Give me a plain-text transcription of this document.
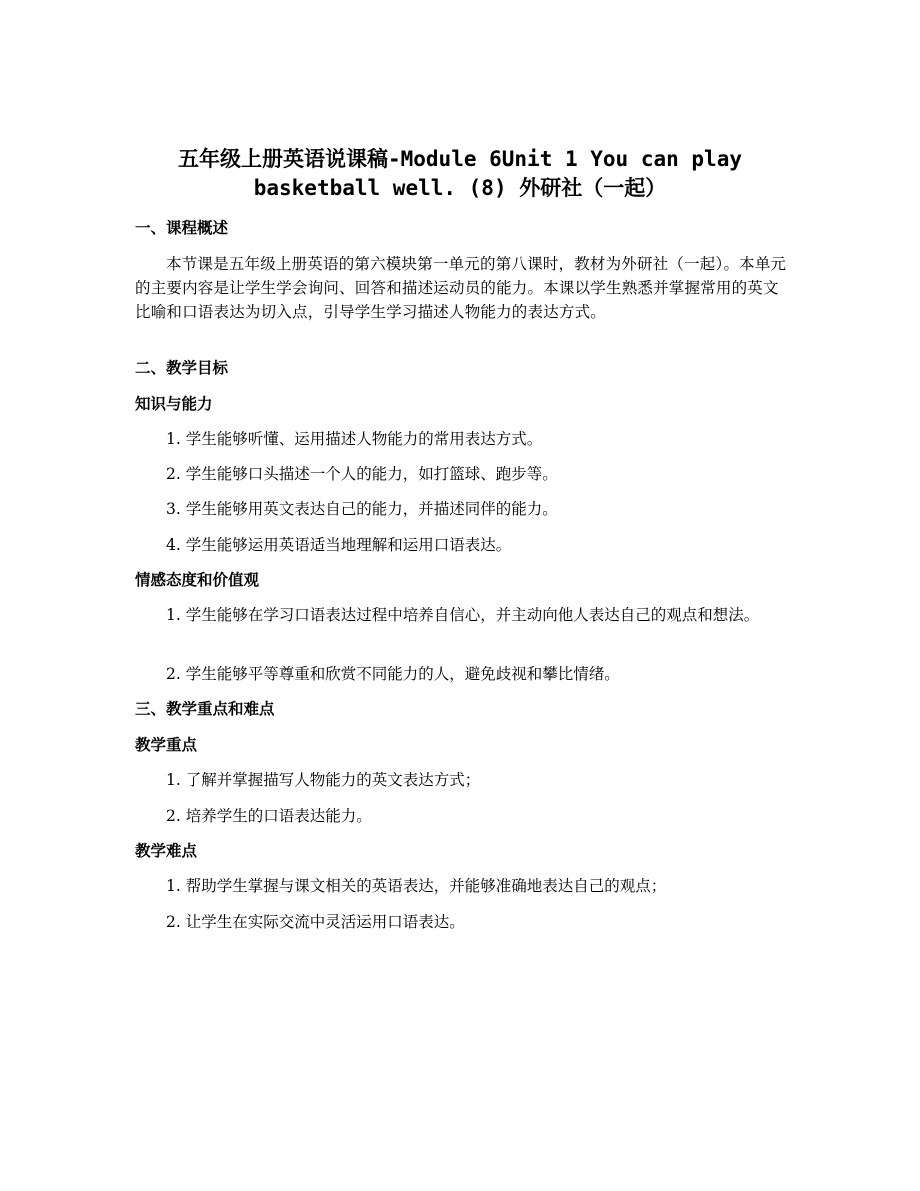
五年级上册英语说课稿-Module 6Unit 1 You can play
basketball well. (8) 外研社（一起）

一、课程概述

本节课是五年级上册英语的第六模块第一单元的第八课时，教材为外研社（一起）。本单元的主要内容是让学生学会询问、回答和描述运动员的能力。本课以学生熟悉并掌握常用的英文比喻和口语表达为切入点，引导学生学习描述人物能力的表达方式。

二、教学目标

知识与能力

1. 学生能够听懂、运用描述人物能力的常用表达方式。

2. 学生能够口头描述一个人的能力，如打篮球、跑步等。

3. 学生能够用英文表达自己的能力，并描述同伴的能力。

4. 学生能够运用英语适当地理解和运用口语表达。

情感态度和价值观

1. 学生能够在学习口语表达过程中培养自信心，并主动向他人表达自己的观点和想法。

2. 学生能够平等尊重和欣赏不同能力的人，避免歧视和攀比情绪。

三、教学重点和难点

教学重点

1. 了解并掌握描写人物能力的英文表达方式；

2. 培养学生的口语表达能力。

教学难点

1. 帮助学生掌握与课文相关的英语表达，并能够准确地表达自己的观点；

2. 让学生在实际交流中灵活运用口语表达。
